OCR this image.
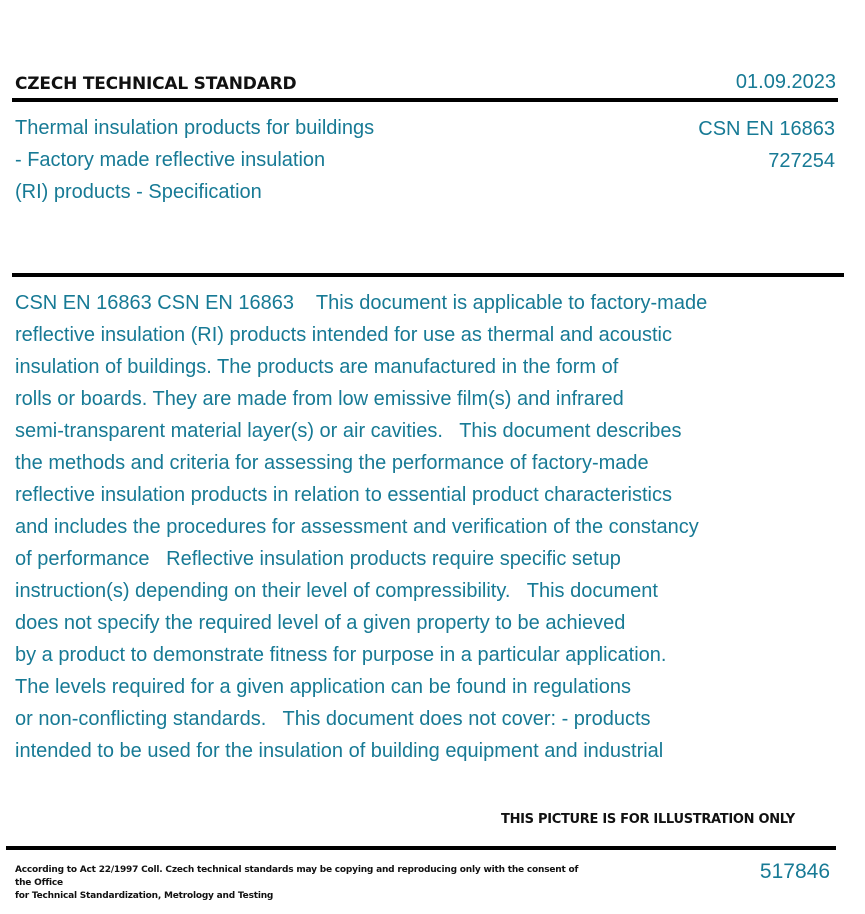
CZECH TECHNICAL STANDARD	01.09.2023
Thermal insulation products for buildings
- Factory made reflective insulation
(RI) products - Specification
CSN EN 16863
727254
CSN EN 16863 CSN EN 16863    This document is applicable to factory-made
reflective insulation (RI) products intended for use as thermal and acoustic
insulation of buildings. The products are manufactured in the form of
rolls or boards. They are made from low emissive film(s) and infrared
semi-transparent material layer(s) or air cavities.   This document describes
the methods and criteria for assessing the performance of factory-made
reflective insulation products in relation to essential product characteristics
and includes the procedures for assessment and verification of the constancy
of performance   Reflective insulation products require specific setup
instruction(s) depending on their level of compressibility.   This document
does not specify the required level of a given property to be achieved
by a product to demonstrate fitness for purpose in a particular application.
The levels required for a given application can be found in regulations
or non-conflicting standards.   This document does not cover: - products
intended to be used for the insulation of building equipment and industrial
THIS PICTURE IS FOR ILLUSTRATION ONLY
According to Act 22/1997 Coll. Czech technical standards may be copying and reproducing only with the consent of the Office
for Technical Standardization, Metrology and Testing
517846
